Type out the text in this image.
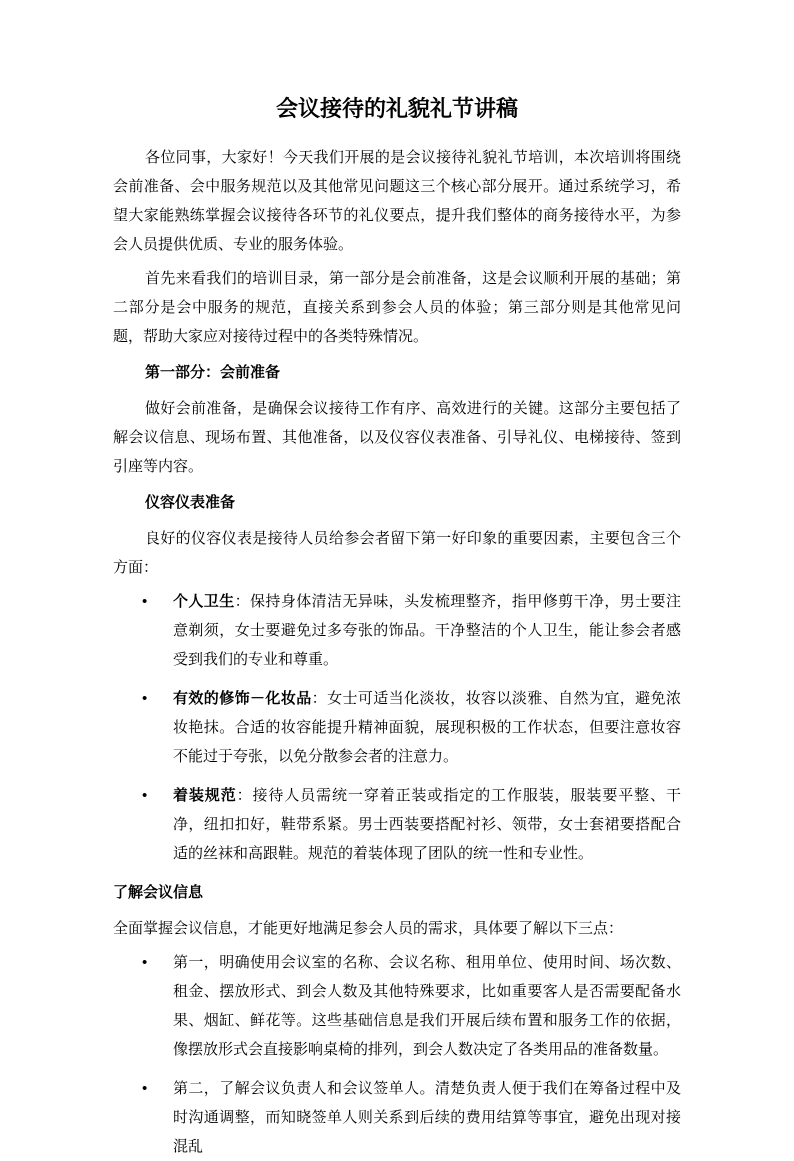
会议接待的礼貌礼节讲稿

各位同事，大家好！今天我们开展的是会议接待礼貌礼节培训，本次培训将围绕会前准备、会中服务规范以及其他常见问题这三个核心部分展开。通过系统学习，希望大家能熟练掌握会议接待各环节的礼仪要点，提升我们整体的商务接待水平，为参会人员提供优质、专业的服务体验。

首先来看我们的培训目录，第一部分是会前准备，这是会议顺利开展的基础；第二部分是会中服务的规范，直接关系到参会人员的体验；第三部分则是其他常见问题，帮助大家应对接待过程中的各类特殊情况。

第一部分：会前准备

做好会前准备，是确保会议接待工作有序、高效进行的关键。这部分主要包括了解会议信息、现场布置、其他准备，以及仪容仪表准备、引导礼仪、电梯接待、签到引座等内容。

仪容仪表准备

良好的仪容仪表是接待人员给参会者留下第一好印象的重要因素，主要包含三个方面：

• 个人卫生：保持身体清洁无异味，头发梳理整齐，指甲修剪干净，男士要注意剃须，女士要避免过多夸张的饰品。干净整洁的个人卫生，能让参会者感受到我们的专业和尊重。
• 有效的修饰－化妆品：女士可适当化淡妆，妆容以淡雅、自然为宜，避免浓妆艳抹。合适的妆容能提升精神面貌，展现积极的工作状态，但要注意妆容不能过于夸张，以免分散参会者的注意力。
• 着装规范：接待人员需统一穿着正装或指定的工作服装，服装要平整、干净，纽扣扣好，鞋带系紧。男士西装要搭配衬衫、领带，女士套裙要搭配合适的丝袜和高跟鞋。规范的着装体现了团队的统一性和专业性。
了解会议信息

全面掌握会议信息，才能更好地满足参会人员的需求，具体要了解以下三点：

• 第一，明确使用会议室的名称、会议名称、租用单位、使用时间、场次数、租金、摆放形式、到会人数及其他特殊要求，比如重要客人是否需要配备水果、烟缸、鲜花等。这些基础信息是我们开展后续布置和服务工作的依据，像摆放形式会直接影响桌椅的排列，到会人数决定了各类用品的准备数量。
• 第二，了解会议负责人和会议签单人。清楚负责人便于我们在筹备过程中及时沟通调整，而知晓签单人则关系到后续的费用结算等事宜，避免出现对接混乱
